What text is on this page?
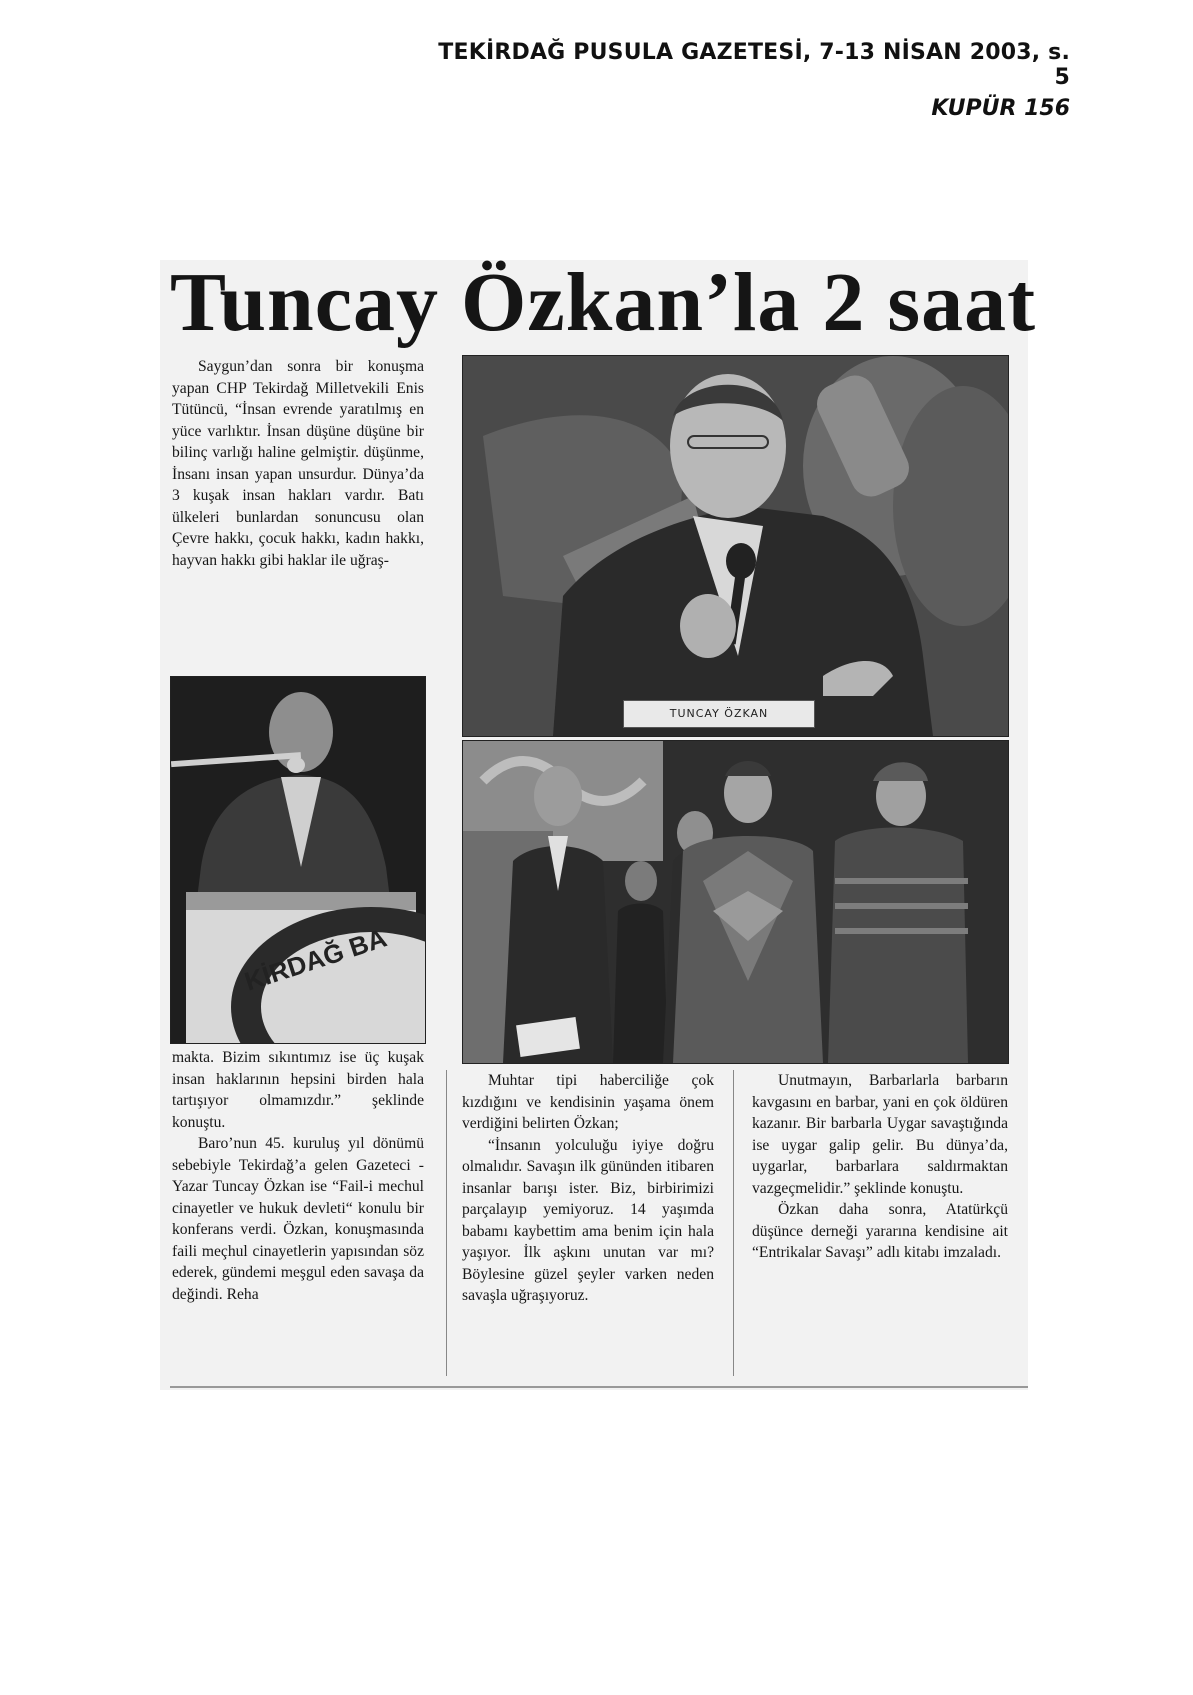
TEKİRDAĞ PUSULA GAZETESİ, 7-13 NİSAN 2003, s. 5
KUPÜR 156
Tuncay Özkan’la 2 saat

Saygun’dan sonra bir konuşma yapan CHP Tekirdağ Milletvekili Enis Tütüncü, “İnsan evrende yaratılmış en yüce varlıktır. İnsan düşüne düşüne bir bilinç varlığı haline gelmiştir. düşünme, İnsanı insan yapan unsurdur. Dünya’da 3 kuşak insan hakları vardır. Batı ülkeleri bunlardan sonuncusu olan Çevre hakkı, çocuk hakkı, kadın hakkı, hayvan hakkı gibi haklar ile uğraş-

TUNCAY ÖZKAN
KİRDAĞ BA

makta. Bizim sıkıntımız ise üç kuşak insan haklarının hepsini birden hala tartışıyor olmamızdır.” şeklinde konuştu.

Baro’nun 45. kuruluş yıl dönümü sebebiyle Tekirdağ’a gelen Gazeteci - Yazar Tuncay Özkan ise “Fail-i mechul cinayetler ve hukuk devleti“ konulu bir konferans verdi. Özkan, konuşmasında faili meçhul cinayetlerin yapısından söz ederek, gündemi meşgul eden savaşa da değindi. Reha

Muhtar tipi haberciliğe çok kızdığını ve kendisinin yaşama önem verdiğini belirten Özkan;

“İnsanın yolculuğu iyiye doğru olmalıdır. Savaşın ilk gününden itibaren insanlar barışı ister. Biz, birbirimizi parçalayıp yemiyoruz. 14 yaşımda babamı kaybettim ama benim için hala yaşıyor. İlk aşkını unutan var mı? Böylesine güzel şeyler varken neden savaşla uğraşıyoruz.

Unutmayın, Barbarlarla barbarın kavgasını en barbar, yani en çok öldüren kazanır. Bir barbarla Uygar savaştığında ise uygar galip gelir. Bu dünya’da, uygarlar, barbarlara saldırmaktan vazgeçmelidir.” şeklinde konuştu.

Özkan daha sonra, Atatürkçü düşünce derneği yararına kendisine ait “Entrikalar Savaşı” adlı kitabı imzaladı.
